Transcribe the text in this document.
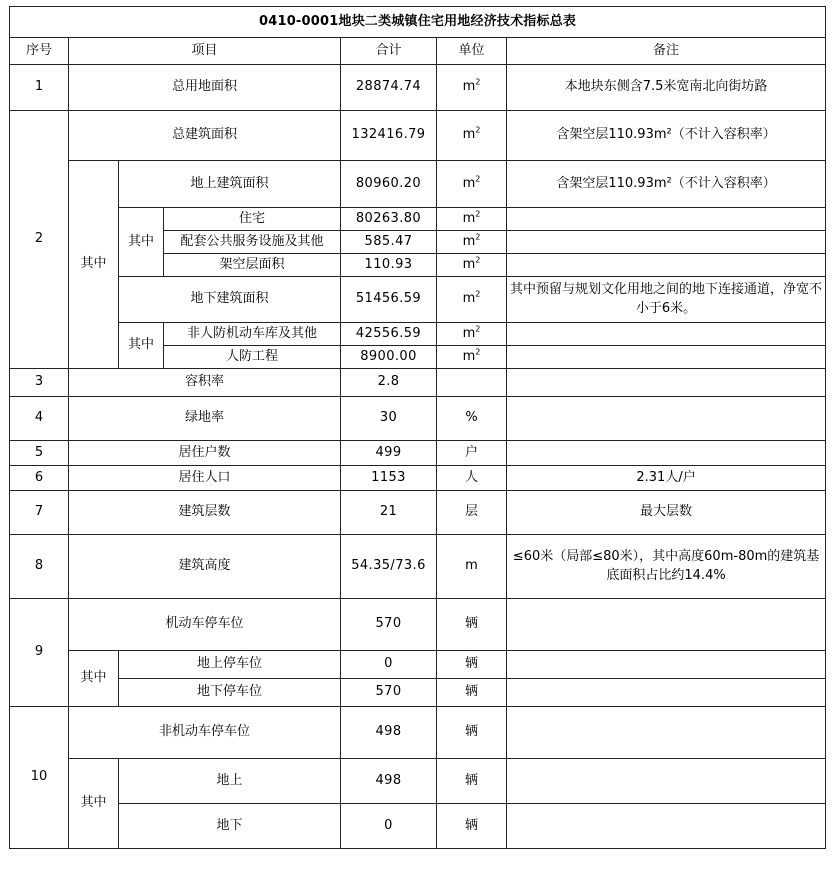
0410-0001地块二类城镇住宅用地经济技术指标总表						
序号	项目			合计	单位	备注
1	总用地面积			28874.74	$m^2$	本地块东侧含7.5米宽南北向街坊路
2	总建筑面积			132416.79	$m^2$	含架空层110.93m²（不计入容积率）
	其中	地上建筑面积		80960.20	$m^2$	含架空层110.93m²（不计入容积率）
		其中	住宅	80263.80	$m^2$	
			配套公共服务设施及其他	585.47	$m^2$	
			架空层面积	110.93	$m^2$	
		地下建筑面积		51456.59	$m^2$	其中预留与规划文化用地之间的地下连接通道，净宽不小于6米。
		其中	非人防机动车库及其他	42556.59	$m^2$	
			人防工程	8900.00	$m^2$	
3	容积率			2.8		
4	绿地率			30	%	
5	居住户数			499	户	
6	居住人口			1153	人	2.31人/户
7	建筑层数			21	层	最大层数
8	建筑高度			54.35/73.6	m	≤60米（局部≤80米），其中高度60m-80m的建筑基底面积占比约14.4%
9	机动车停车位			570	辆	
	其中	地上停车位		0	辆	
		地下停车位		570	辆	
10	非机动车停车位			498	辆	
	其中	地上		498	辆	
		地下		0	辆	
